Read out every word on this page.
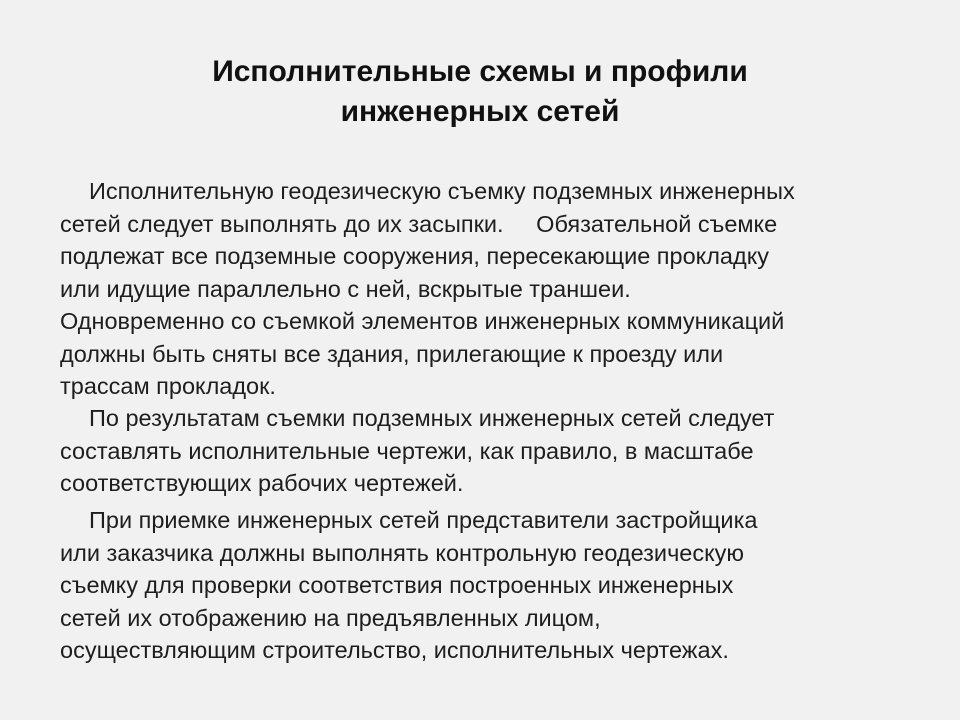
Исполнительные схемы и профили
инженерных сетей
Исполнительную геодезическую съемку подземных инженерных
сетей следует выполнять до их засыпки.     Обязательной съемке
подлежат все подземные сооружения, пересекающие прокладку
или идущие параллельно с ней, вскрытые траншеи.
Одновременно со съемкой элементов инженерных коммуникаций
должны быть сняты все здания, прилегающие к проезду или
трассам прокладок.
По результатам съемки подземных инженерных сетей следует
составлять исполнительные чертежи, как правило, в масштабе
соответствующих рабочих чертежей.
При приемке инженерных сетей представители застройщика
или заказчика должны выполнять контрольную геодезическую
съемку для проверки соответствия построенных инженерных
сетей их отображению на предъявленных лицом,
осуществляющим строительство, исполнительных чертежах.
